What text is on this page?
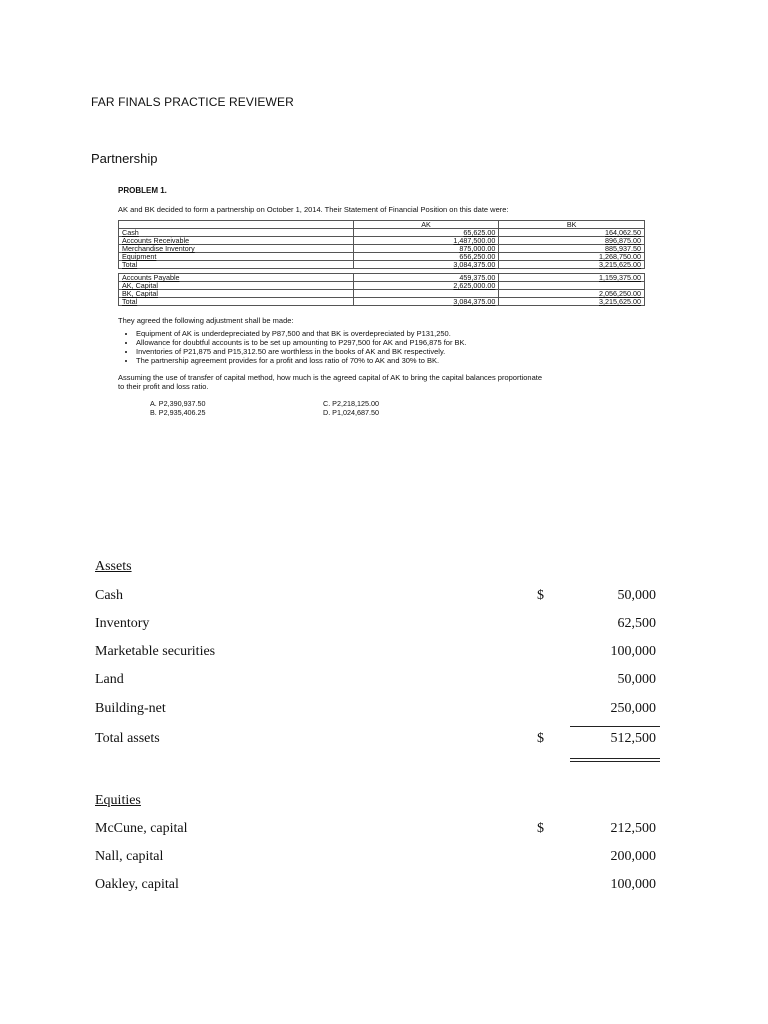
FAR FINALS PRACTICE REVIEWER
Partnership
PROBLEM 1.
AK and BK decided to form a partnership on October 1, 2014. Their Statement of Financial Position on this date were:
	AK	BK
Cash	65,625.00	164,062.50
Accounts Receivable	1,487,500.00	896,875.00
Merchandise Inventory	875,000.00	885,937.50
Equipment	656,250.00	1,268,750.00
Total	3,084,375.00	3,215,625.00

Accounts Payable	459,375.00	1,159,375.00
AK, Capital	2,625,000.00	
BK, Capital		2,056,250.00
Total	3,084,375.00	3,215,625.00
They agreed the following adjustment shall be made:
• Equipment of AK is underdepreciated by P87,500 and that BK is overdepreciated by P131,250.
• Allowance for doubtful accounts is to be set up amounting to P297,500 for AK and P196,875 for BK.
• Inventories of P21,875 and P15,312.50 are worthless in the books of AK and BK respectively.
• The partnership agreement provides for a profit and loss ratio of 70% to AK and 30% to BK.
Assuming the use of transfer of capital method, how much is the agreed capital of AK to bring the capital balances proportionate to their profit and loss ratio.
A. P2,390,937.50
B. P2,935,406.25
C. P2,218,125.00
D. P1,024,687.50
Assets
Cash	$	50,000
Inventory	62,500
Marketable securities	100,000
Land	50,000
Building-net	250,000
Total assets	$	512,500
Equities
McCune, capital	$	212,500
Nall, capital	200,000
Oakley, capital	100,000
